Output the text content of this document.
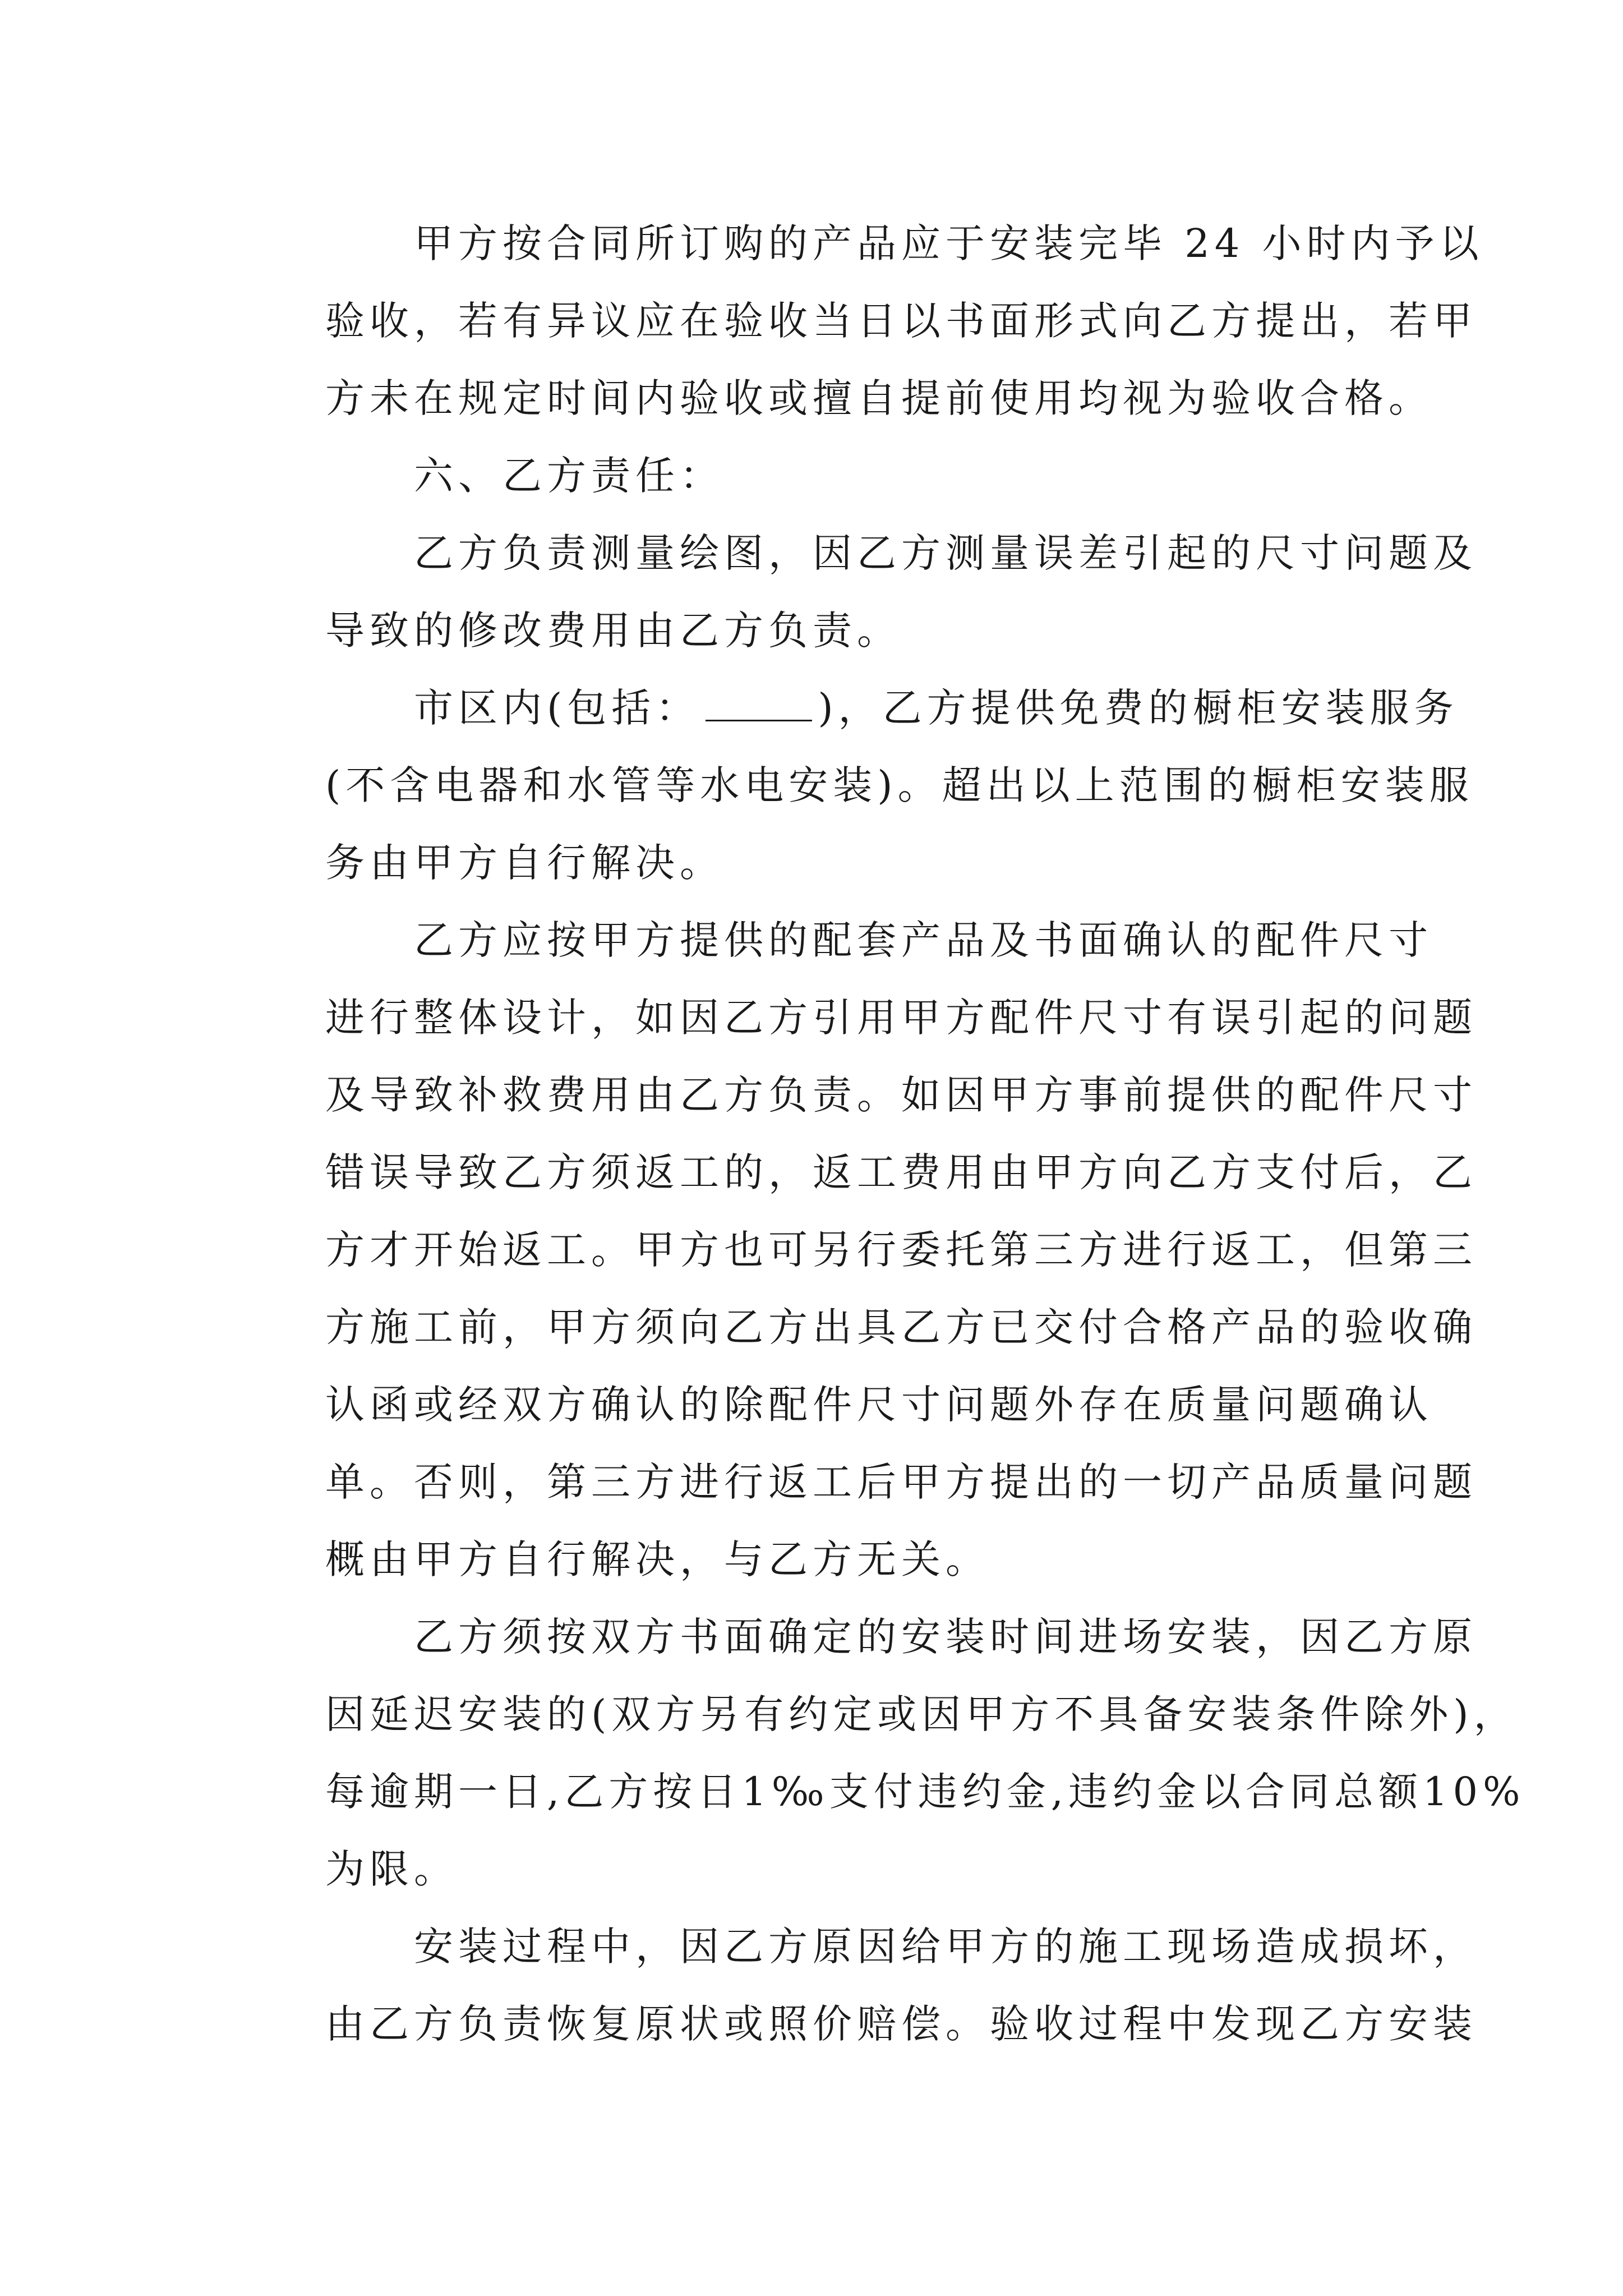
甲方按合同所订购的产品应于安装完毕 24 小时内予以
验收，若有异议应在验收当日以书面形式向乙方提出，若甲
方未在规定时间内验收或擅自提前使用均视为验收合格。

六、乙方责任：

乙方负责测量绘图，因乙方测量误差引起的尺寸问题及
导致的修改费用由乙方负责。

市区内(包括：	)，乙方提供免费的橱柜安装服务
(不含电器和水管等水电安装)。超出以上范围的橱柜安装服
务由甲方自行解决。

乙方应按甲方提供的配套产品及书面确认的配件尺寸
进行整体设计，如因乙方引用甲方配件尺寸有误引起的问题
及导致补救费用由乙方负责。如因甲方事前提供的配件尺寸
错误导致乙方须返工的，返工费用由甲方向乙方支付后，乙
方才开始返工。甲方也可另行委托第三方进行返工，但第三
方施工前，甲方须向乙方出具乙方已交付合格产品的验收确
认函或经双方确认的除配件尺寸问题外存在质量问题确认
单。否则，第三方进行返工后甲方提出的一切产品质量问题
概由甲方自行解决，与乙方无关。

乙方须按双方书面确定的安装时间进场安装，因乙方原
因延迟安装的(双方另有约定或因甲方不具备安装条件除外)，
每逾期一日,乙方按日1‰支付违约金,违约金以合同总额10%
为限。

安装过程中，因乙方原因给甲方的施工现场造成损坏，
由乙方负责恢复原状或照价赔偿。验收过程中发现乙方安装
